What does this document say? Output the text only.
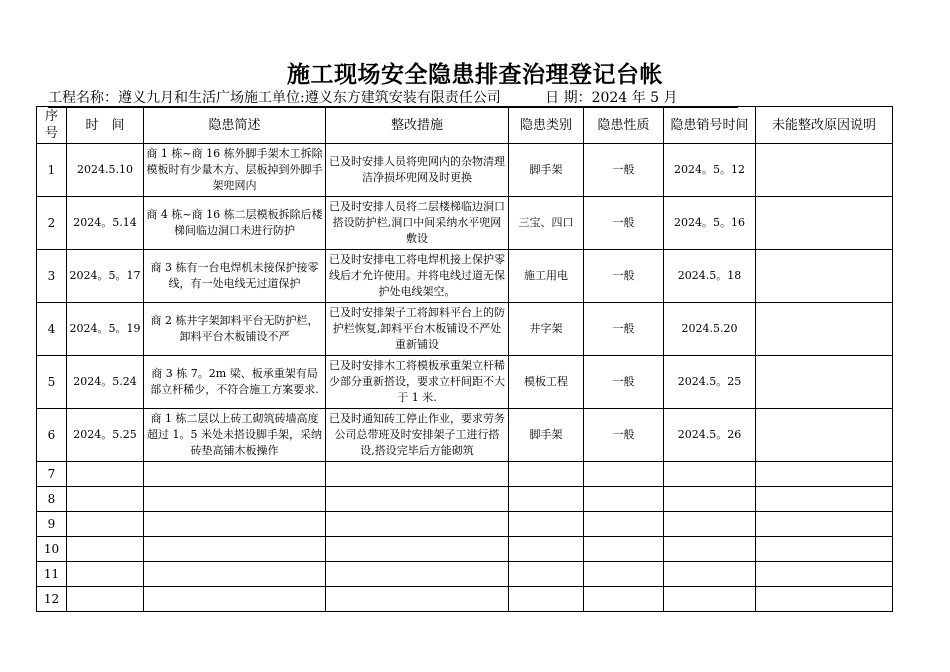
施工现场安全隐患排查治理登记台帐
工程名称：遵义九月和生活广场施工单位:遵义东方建筑安装有限责任公司	日 期：2024 年 5 月
序号	时　间	隐患简述	整改措施	隐患类别	隐患性质	隐患销号时间	未能整改原因说明
1	2024.5.10	商 1 栋~商 16 栋外脚手架木工拆除模板时有少量木方、层板掉到外脚手架兜网内	已及时安排人员将兜网内的杂物清理洁净损坏兜网及时更换	脚手架	一般	2024。5。12	
2	2024。5.14	商 4 栋~商 16 栋二层模板拆除后楼梯间临边洞口未进行防护	已及时安排人员将二层楼梯临边洞口搭设防护栏,洞口中间采纳水平兜网敷设	三宝、四口	一般	2024。5。16	
3	2024。5。17	商 3 栋有一台电焊机未接保护接零线，有一处电线无过道保护	已及时安排电工将电焊机接上保护零线后才允许使用。并将电线过道无保护处电线架空。	施工用电	一般	2024.5。18	
4	2024。5。19	商 2 栋井字架卸料平台无防护栏，卸料平台木板铺设不严	已及时安排架子工将卸料平台上的防护栏恢复,卸料平台木板铺设不严处重新铺设	井字架	一般	2024.5.20	
5	2024。5.24	商 3 栋 7。2m 梁、板承重架有局部立杆稀少，不符合施工方案要求.	已及时安排木工将模板承重架立杆稀少部分重新搭设，要求立杆间距不大于 1 米.	模板工程	一般	2024.5。25	
6	2024。5.25	商 1 栋二层以上砖工砌筑砖墙高度超过 1。5 米处未搭设脚手架，采纳砖垫高铺木板操作	已及时通知砖工停止作业，要求劳务公司总带班及时安排架子工进行搭设,搭设完毕后方能砌筑	脚手架	一般	2024.5。26	
7							
8							
9							
10							
11							
12							
